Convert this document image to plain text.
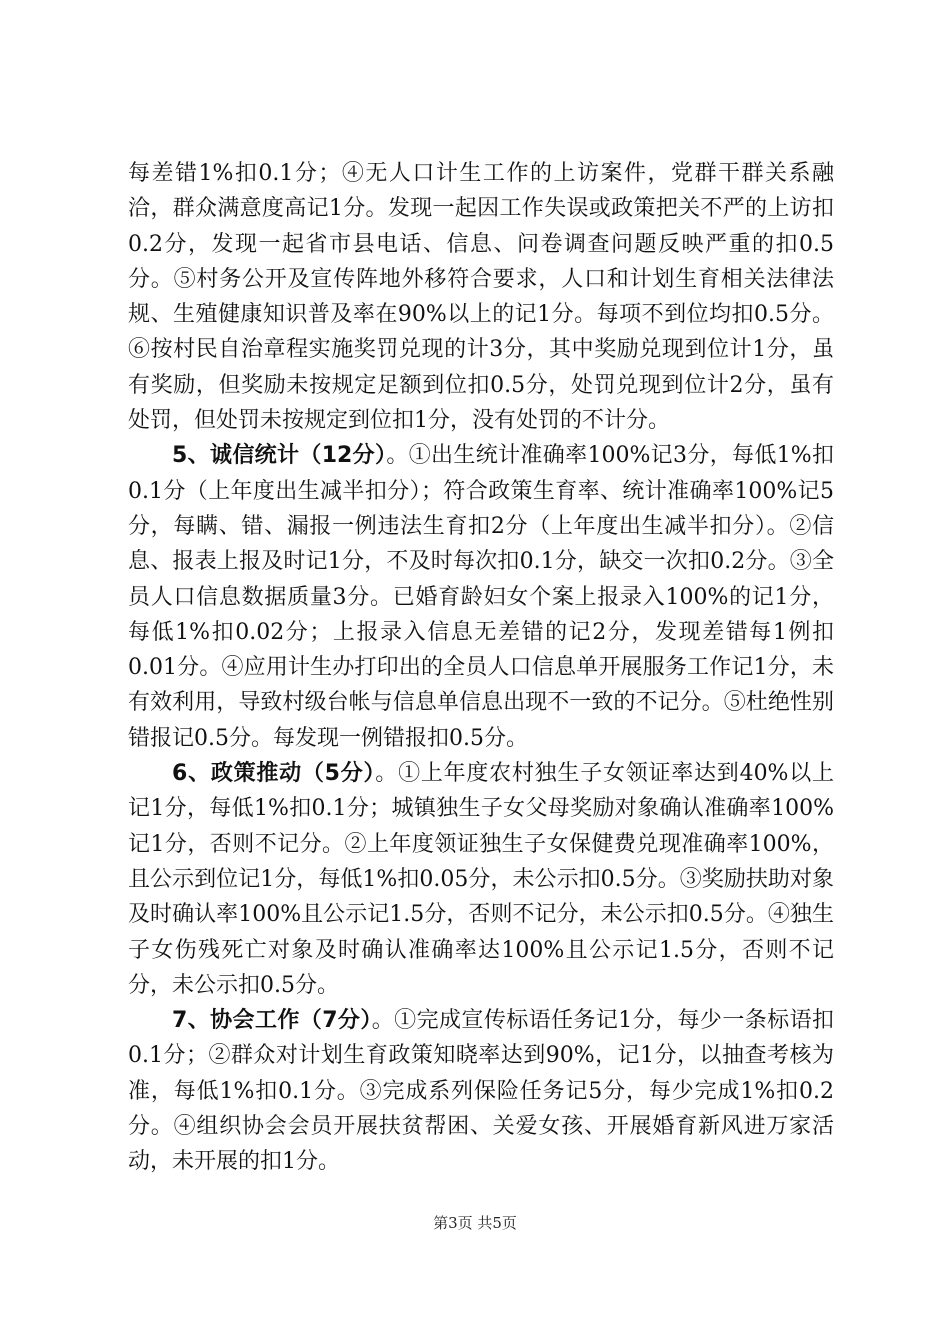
每差错1%扣0.1分；④无人口计生工作的上访案件，党群干群关系融洽，群众满意度高记1分。发现一起因工作失误或政策把关不严的上访扣0.2分，发现一起省市县电话、信息、问卷调查问题反映严重的扣0.5分。⑤村务公开及宣传阵地外移符合要求，人口和计划生育相关法律法规、生殖健康知识普及率在90%以上的记1分。每项不到位均扣0.5分。⑥按村民自治章程实施奖罚兑现的计3分，其中奖励兑现到位计1分，虽有奖励，但奖励未按规定足额到位扣0.5分，处罚兑现到位计2分，虽有处罚，但处罚未按规定到位扣1分，没有处罚的不计分。

5、诚信统计（12分）。①出生统计准确率100%记3分，每低1%扣0.1分（上年度出生减半扣分）；符合政策生育率、统计准确率100%记5分，每瞒、错、漏报一例违法生育扣2分（上年度出生减半扣分）。②信息、报表上报及时记1分，不及时每次扣0.1分，缺交一次扣0.2分。③全员人口信息数据质量3分。已婚育龄妇女个案上报录入100%的记1分，每低1%扣0.02分；上报录入信息无差错的记2分，发现差错每1例扣0.01分。④应用计生办打印出的全员人口信息单开展服务工作记1分，未有效利用，导致村级台帐与信息单信息出现不一致的不记分。⑤杜绝性别错报记0.5分。每发现一例错报扣0.5分。

6、政策推动（5分）。①上年度农村独生子女领证率达到40%以上记1分，每低1%扣0.1分；城镇独生子女父母奖励对象确认准确率100%记1分，否则不记分。②上年度领证独生子女保健费兑现准确率100%，且公示到位记1分，每低1%扣0.05分，未公示扣0.5分。③奖励扶助对象及时确认率100%且公示记1.5分，否则不记分，未公示扣0.5分。④独生子女伤残死亡对象及时确认准确率达100%且公示记1.5分，否则不记分，未公示扣0.5分。

7、协会工作（7分）。①完成宣传标语任务记1分，每少一条标语扣0.1分；②群众对计划生育政策知晓率达到90%，记1分，以抽查考核为准，每低1%扣0.1分。③完成系列保险任务记5分，每少完成1%扣0.2分。④组织协会会员开展扶贫帮困、关爱女孩、开展婚育新风进万家活动，未开展的扣1分。

第3页 共5页
